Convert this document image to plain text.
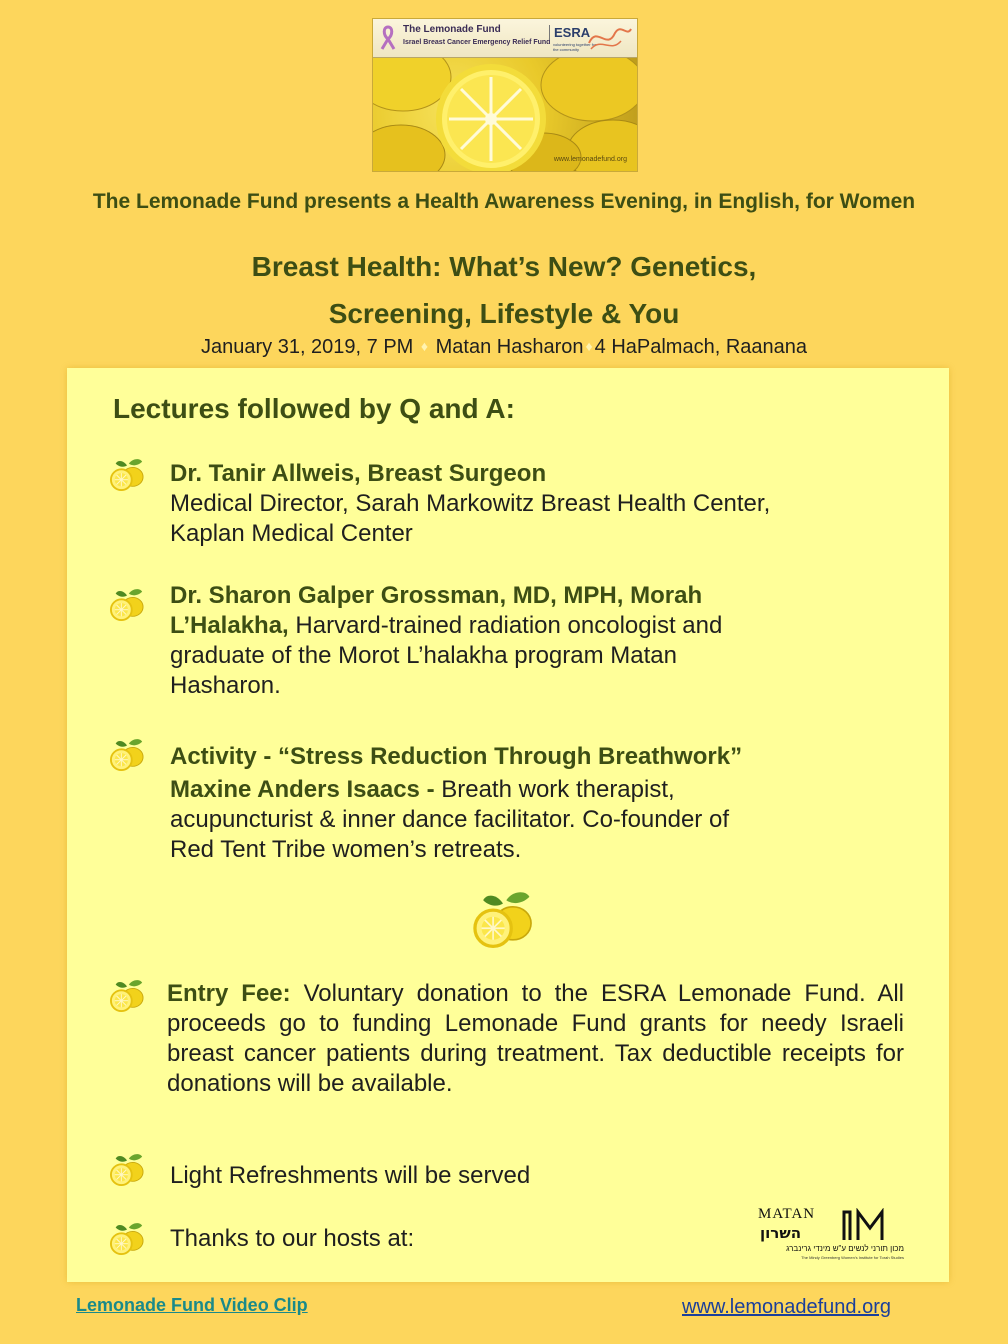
The Lemonade Fund
Israel Breast Cancer Emergency Relief Fund
ESRA
volunteering together for the community
www.lemonadefund.org
The Lemonade Fund presents a Health Awareness Evening, in English, for Women
Breast Health: What’s New? Genetics,
Screening, Lifestyle & You
January 31, 2019, 7 PM ♦ Matan Hasharon ♦ 4 HaPalmach, Raanana
Lectures followed by Q and A:
Dr. Tanir Allweis, Breast Surgeon
Medical Director, Sarah Markowitz Breast Health Center,
Kaplan Medical Center
Dr. Sharon Galper Grossman, MD, MPH, Morah
L’Halakha, Harvard-trained radiation oncologist and
graduate of the Morot L’halakha program Matan
Hasharon.
Activity - “Stress Reduction Through Breathwork”
Maxine Anders Isaacs - Breath work therapist,
acupuncturist & inner dance facilitator. Co-founder of
Red Tent Tribe women’s retreats.
Entry Fee: Voluntary donation to the ESRA Lemonade Fund. All proceeds go to funding Lemonade Fund grants for needy Israeli breast cancer patients during treatment. Tax deductible receipts for donations will be available.
Light Refreshments will be served
Thanks to our hosts at:
MATAN
השרון
מכון תורני לנשים ע"ש מינדי גרינברג
The Mindy Greenberg Women's Institute for Torah Studies
Lemonade Fund Video Clip	www.lemonadefund.org
